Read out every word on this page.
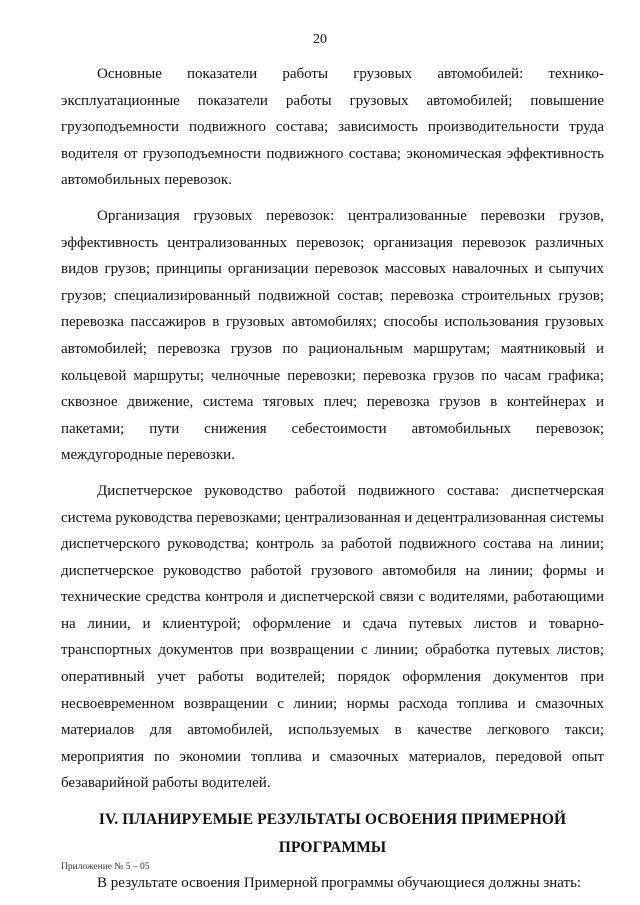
20

Основные показатели работы грузовых автомобилей: технико-эксплуатационные показатели работы грузовых автомобилей; повышение грузоподъемности подвижного состава; зависимость производительности труда водителя от грузоподъемности подвижного состава; экономическая эффективность автомобильных перевозок.

Организация грузовых перевозок: централизованные перевозки грузов, эффективность централизованных перевозок; организация перевозок различных видов грузов; принципы организации перевозок массовых навалочных и сыпучих грузов; специализированный подвижной состав; перевозка строительных грузов; перевозка пассажиров в грузовых автомобилях; способы использования грузовых автомобилей; перевозка грузов по рациональным маршрутам; маятниковый и кольцевой маршруты; челночные перевозки; перевозка грузов по часам графика; сквозное движение, система тяговых плеч; перевозка грузов в контейнерах и пакетами; пути снижения себестоимости автомобильных перевозок; междугородные перевозки.

Диспетчерское руководство работой подвижного состава: диспетчерская система руководства перевозками; централизованная и децентрализованная системы диспетчерского руководства; контроль за работой подвижного состава на линии; диспетчерское руководство работой грузового автомобиля на линии; формы и технические средства контроля и диспетчерской связи с водителями, работающими на линии, и клиентурой; оформление и сдача путевых листов и товарно-транспортных документов при возвращении с линии; обработка путевых листов; оперативный учет работы водителей; порядок оформления документов при несвоевременном возвращении с линии; нормы расхода топлива и смазочных материалов для автомобилей, используемых в качестве легкового такси; мероприятия по экономии топлива и смазочных материалов, передовой опыт безаварийной работы водителей.

IV. ПЛАНИРУЕМЫЕ РЕЗУЛЬТАТЫ ОСВОЕНИЯ ПРИМЕРНОЙ ПРОГРАММЫ

В результате освоения Примерной программы обучающиеся должны знать:

Приложение № 5 – 05
